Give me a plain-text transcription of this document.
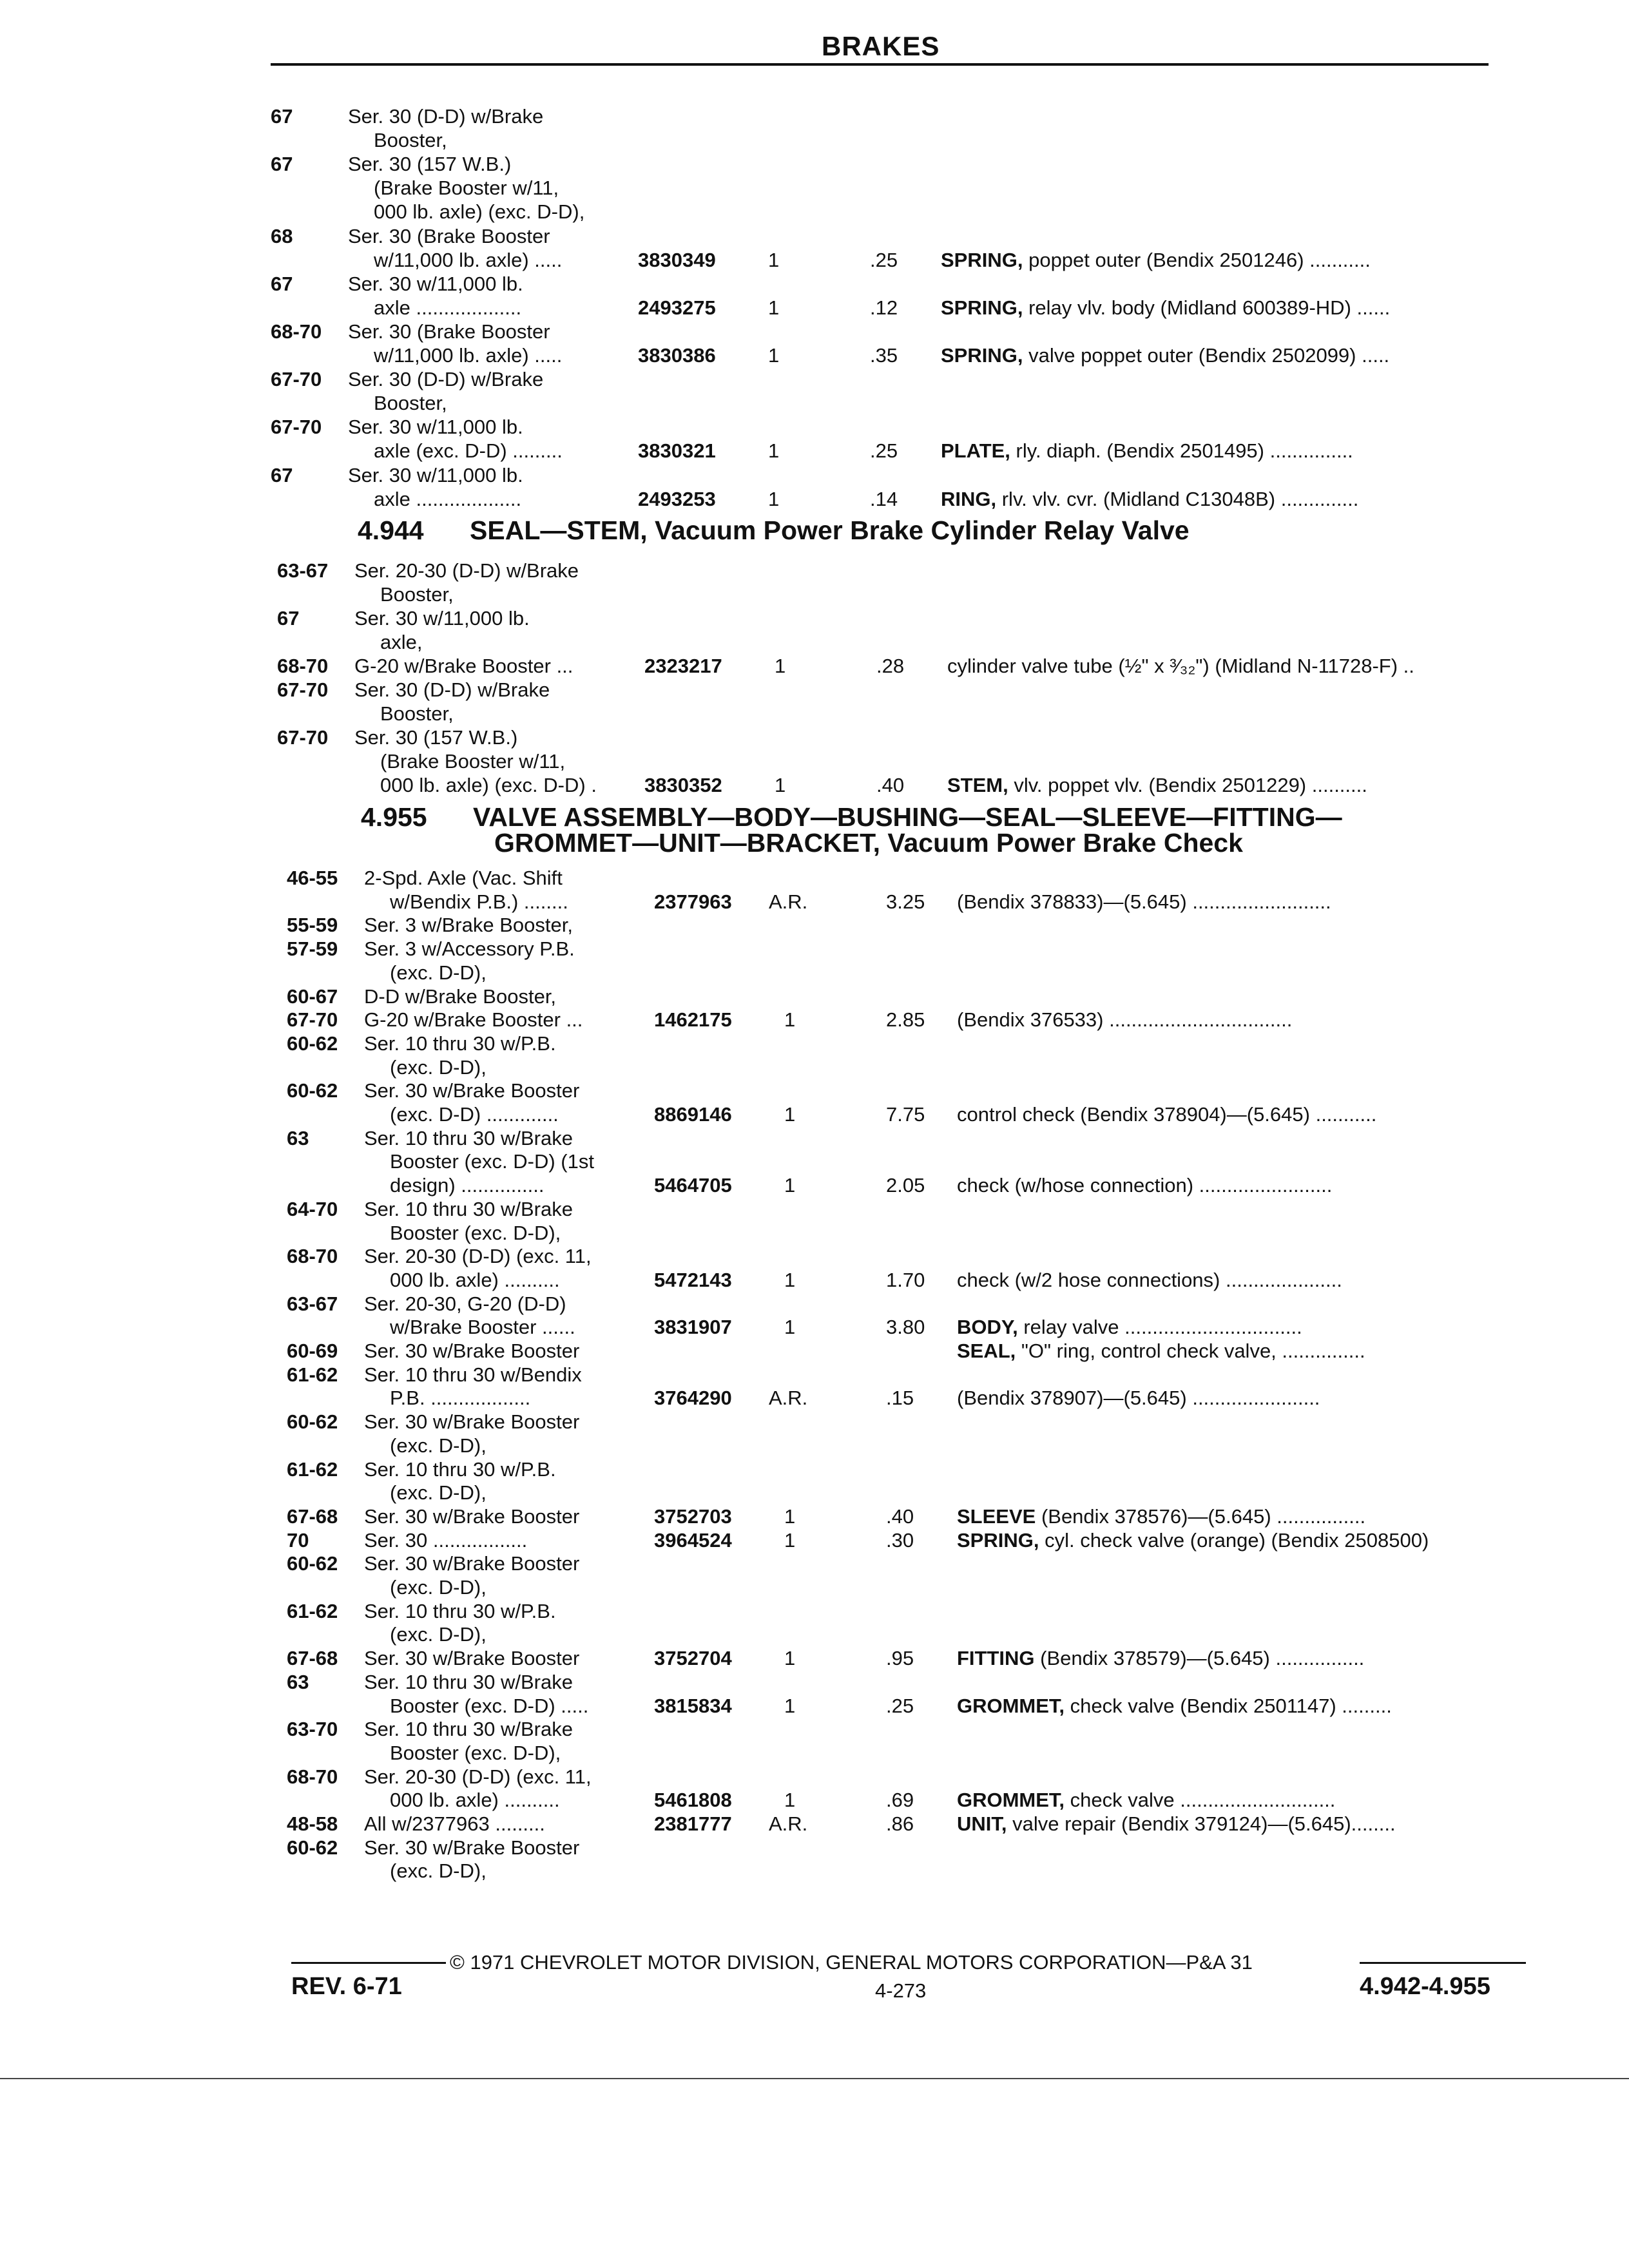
BRAKES
67	Ser. 30 (D-D) w/Brake
Booster,
67	Ser. 30 (157 W.B.)
(Brake Booster w/11,
000 lb. axle) (exc. D-D),
68	Ser. 30 (Brake Booster
w/11,000 lb. axle) .....	3830349	1	.25 SPRING, poppet outer (Bendix 2501246) ...........
67	Ser. 30 w/11,000 lb.
axle ...................	2493275	1	.12 SPRING, relay vlv. body (Midland 600389-HD) ......
68-70 Ser. 30 (Brake Booster
w/11,000 lb. axle) .....	3830386	1	.35 SPRING, valve poppet outer (Bendix 2502099) .....
67-70 Ser. 30 (D-D) w/Brake
Booster,
67-70 Ser. 30 w/11,000 lb.
axle (exc. D-D) .........	3830321	1	.25 PLATE, rly. diaph. (Bendix 2501495) ...............
67	Ser. 30 w/11,000 lb.
axle ...................	2493253	1	.14 RING, rlv. vlv. cvr. (Midland C13048B) ..............
4.944 SEAL—STEM, Vacuum Power Brake Cylinder Relay Valve
63-67 Ser. 20-30 (D-D) w/Brake
Booster,
67	Ser. 30 w/11,000 lb.
axle,
68-70 G-20 w/Brake Booster ...	2323217	1	.28 cylinder valve tube (½" x ³⁄₃₂") (Midland N-11728-F) ..
67-70 Ser. 30 (D-D) w/Brake
Booster,
67-70 Ser. 30 (157 W.B.)
(Brake Booster w/11,
000 lb. axle) (exc. D-D) . 3830352	1	.40 STEM, vlv. poppet vlv. (Bendix 2501229) ..........
4.955 VALVE ASSEMBLY—BODY—BUSHING—SEAL—SLEEVE—FITTING—
GROMMET—UNIT—BRACKET, Vacuum Power Brake Check
46-55 2-Spd. Axle (Vac. Shift
w/Bendix P.B.) ........	2377963 A.R.	3.25 (Bendix 378833)—(5.645) .........................
55-59 Ser. 3 w/Brake Booster,
57-59 Ser. 3 w/Accessory P.B.
(exc. D-D),
60-67 D-D w/Brake Booster,
67-70 G-20 w/Brake Booster ...	1462175	1	2.85 (Bendix 376533) .................................
60-62 Ser. 10 thru 30 w/P.B.
(exc. D-D),
60-62 Ser. 30 w/Brake Booster
(exc. D-D) .............	8869146	1	7.75 control check (Bendix 378904)—(5.645) ...........
63	Ser. 10 thru 30 w/Brake
Booster (exc. D-D) (1st
design) ...............	5464705	1	2.05 check (w/hose connection) ........................
64-70 Ser. 10 thru 30 w/Brake
Booster (exc. D-D),
68-70 Ser. 20-30 (D-D) (exc. 11,
000 lb. axle) ..........	5472143	1	1.70 check (w/2 hose connections) .....................
63-67 Ser. 20-30, G-20 (D-D)
w/Brake Booster ......	3831907	1	3.80 BODY, relay valve ................................
60-69 Ser. 30 w/Brake Booster	SEAL, "O" ring, control check valve, ...............
61-62 Ser. 10 thru 30 w/Bendix
P.B. ..................	3764290 A.R.	.15 (Bendix 378907)—(5.645) .......................
60-62 Ser. 30 w/Brake Booster
(exc. D-D),
61-62 Ser. 10 thru 30 w/P.B.
(exc. D-D),
67-68 Ser. 30 w/Brake Booster	3752703	1	.40 SLEEVE (Bendix 378576)—(5.645) ................
70	Ser. 30 .................	3964524	1	.30 SPRING, cyl. check valve (orange) (Bendix 2508500)
60-62 Ser. 30 w/Brake Booster
(exc. D-D),
61-62 Ser. 10 thru 30 w/P.B.
(exc. D-D),
67-68 Ser. 30 w/Brake Booster	3752704	1	.95 FITTING (Bendix 378579)—(5.645) ................
63	Ser. 10 thru 30 w/Brake
Booster (exc. D-D) .....	3815834	1	.25 GROMMET, check valve (Bendix 2501147) .........
63-70 Ser. 10 thru 30 w/Brake
Booster (exc. D-D),
68-70 Ser. 20-30 (D-D) (exc. 11,
000 lb. axle) ..........	5461808	1	.69 GROMMET, check valve ............................
48-58 All w/2377963 .........	2381777 A.R.	.86 UNIT, valve repair (Bendix 379124)—(5.645)........
60-62 Ser. 30 w/Brake Booster
(exc. D-D),
© 1971 CHEVROLET MOTOR DIVISION, GENERAL MOTORS CORPORATION—P&A 31
REV. 6-71	4-273	4.942-4.955
